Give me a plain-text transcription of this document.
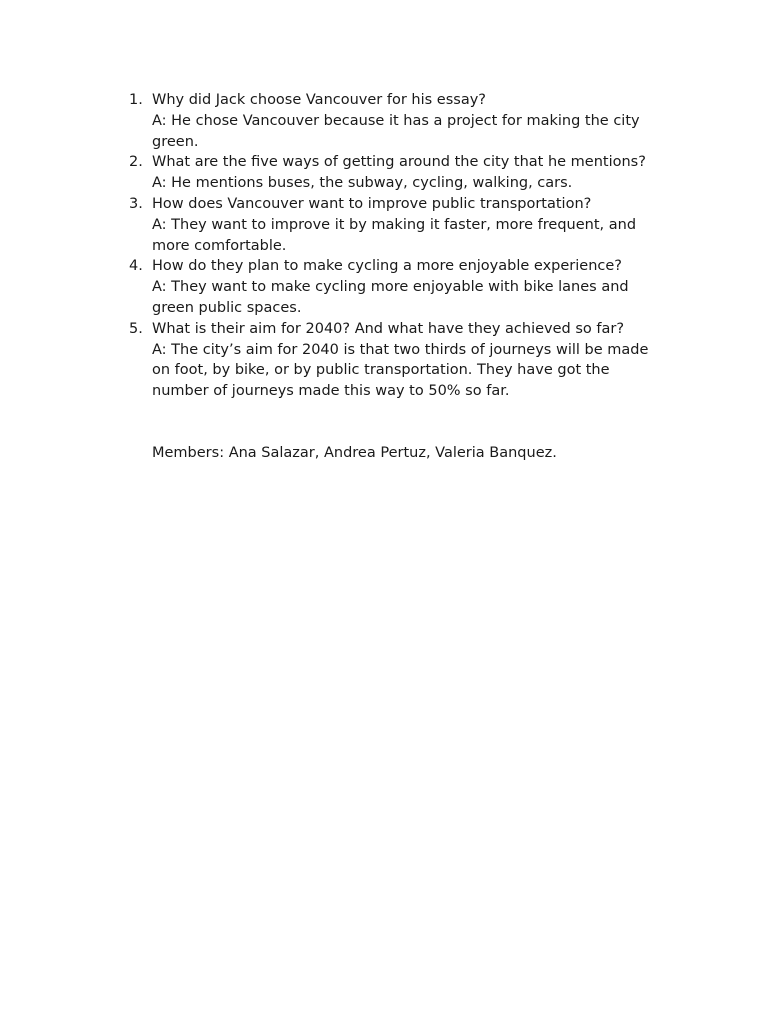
1. Why did Jack choose Vancouver for his essay?
A: He chose Vancouver because it has a project for making the city green.
2. What are the five ways of getting around the city that he mentions?
A: He mentions buses, the subway, cycling, walking, cars.
3. How does Vancouver want to improve public transportation?
A: They want to improve it by making it faster, more frequent, and more comfortable.
4. How do they plan to make cycling a more enjoyable experience?
A: They want to make cycling more enjoyable with bike lanes and green public spaces.
5. What is their aim for 2040? And what have they achieved so far?
A: The city’s aim for 2040 is that two thirds of journeys will be made on foot, by bike, or by public transportation. They have got the number of journeys made this way to 50% so far.
Members: Ana Salazar, Andrea Pertuz, Valeria Banquez.
